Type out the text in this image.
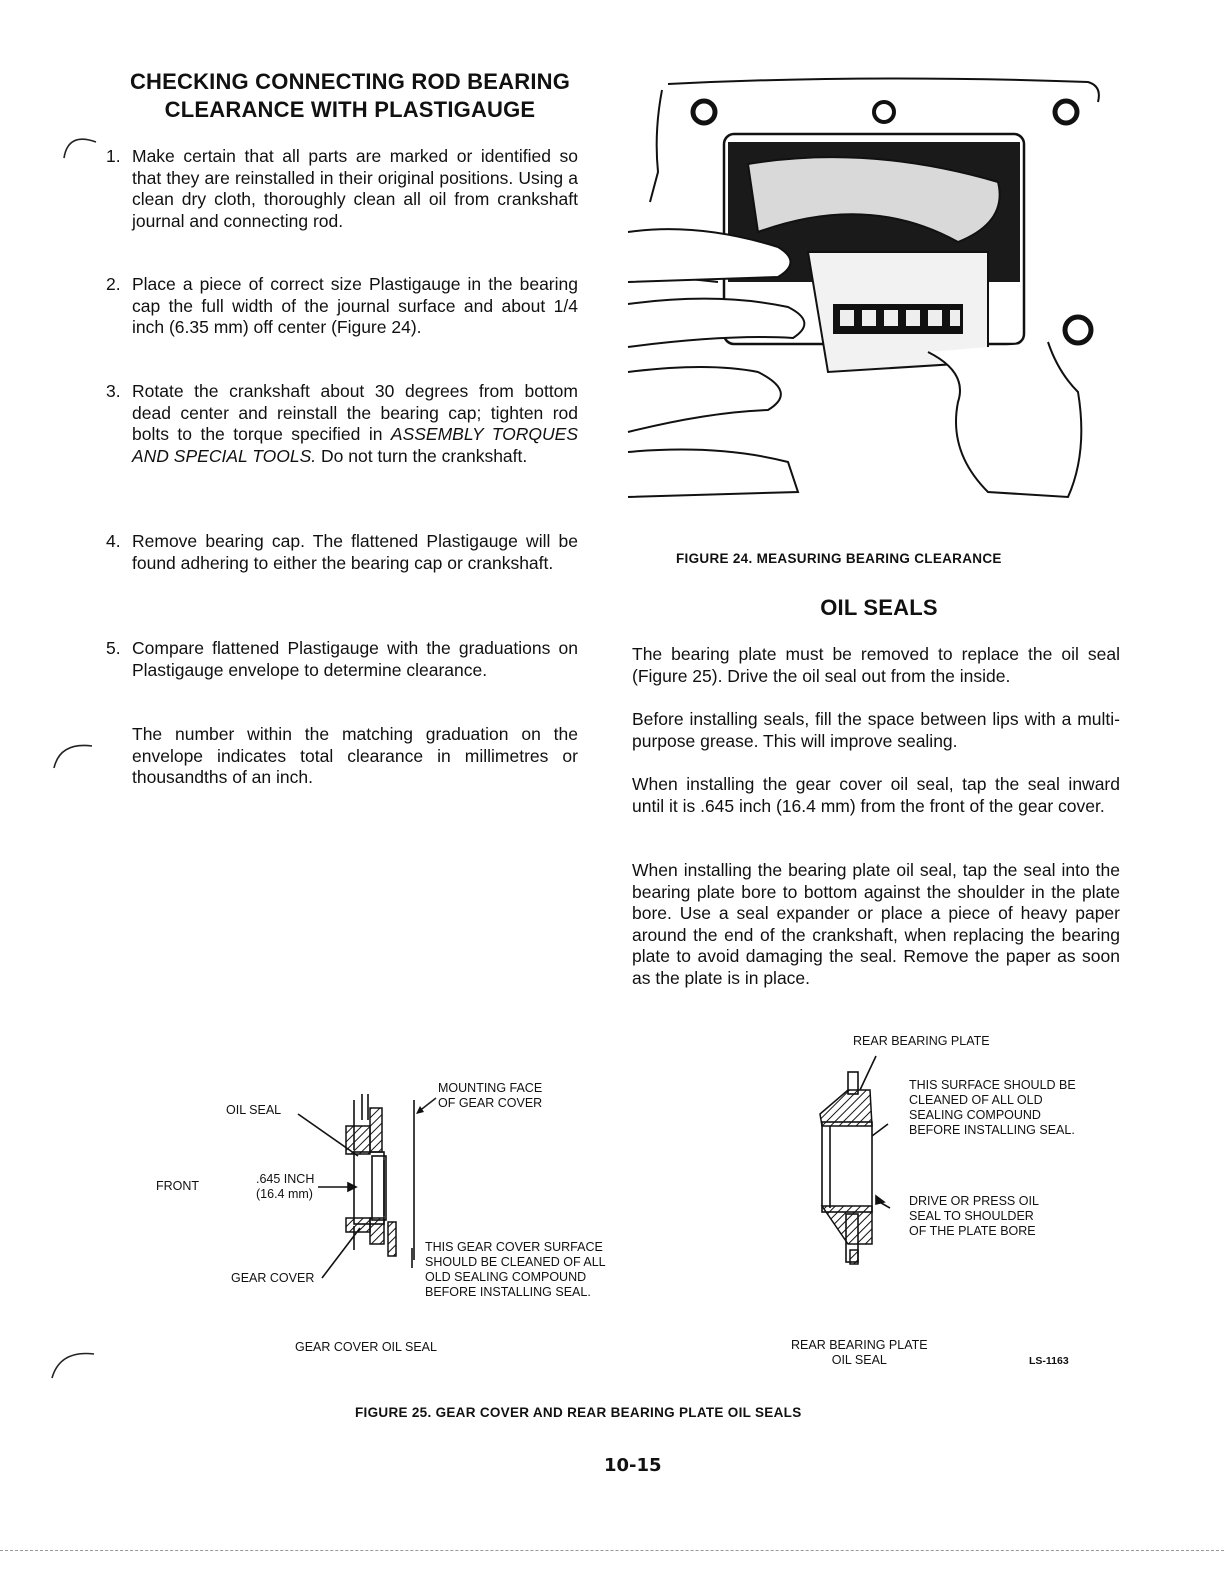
CHECKING CONNECTING ROD BEARING
CLEARANCE WITH PLASTIGAUGE
1. Make certain that all parts are marked or identified so that they are reinstalled in their original positions. Using a clean dry cloth, thoroughly clean all oil from crankshaft journal and connecting rod.
2. Place a piece of correct size Plastigauge in the bearing cap the full width of the journal surface and about 1/4 inch (6.35 mm) off center (Figure 24).
3. Rotate the crankshaft about 30 degrees from bottom dead center and reinstall the bearing cap; tighten rod bolts to the torque specified in ASSEMBLY TORQUES AND SPECIAL TOOLS. Do not turn the crankshaft.
4. Remove bearing cap. The flattened Plastigauge will be found adhering to either the bearing cap or crankshaft.
5. Compare flattened Plastigauge with the graduations on Plastigauge envelope to determine clearance.
The number within the matching graduation on the envelope indicates total clearance in millimetres or thousandths of an inch.
FIGURE 24. MEASURING BEARING CLEARANCE
OIL SEALS
The bearing plate must be removed to replace the oil seal (Figure 25). Drive the oil seal out from the inside.
Before installing seals, fill the space between lips with a multi-purpose grease. This will improve sealing.
When installing the gear cover oil seal, tap the seal inward until it is .645 inch (16.4 mm) from the front of the gear cover.
When installing the bearing plate oil seal, tap the seal into the bearing plate bore to bottom against the shoulder in the plate bore. Use a seal expander or place a piece of heavy paper around the end of the crankshaft, when replacing the bearing plate to avoid damaging the seal. Remove the paper as soon as the plate is in place.
MOUNTING FACE
OF GEAR COVER
OIL SEAL
FRONT	.645 INCH
(16.4 mm)
GEAR COVER
THIS GEAR COVER SURFACE
SHOULD BE CLEANED OF ALL
OLD SEALING COMPOUND
BEFORE INSTALLING SEAL.
GEAR COVER OIL SEAL
REAR BEARING PLATE
THIS SURFACE SHOULD BE
CLEANED OF ALL OLD
SEALING COMPOUND
BEFORE INSTALLING SEAL.
DRIVE OR PRESS OIL
SEAL TO SHOULDER
OF THE PLATE BORE
REAR BEARING PLATE
OIL SEAL	LS-1163
FIGURE 25. GEAR COVER AND REAR BEARING PLATE OIL SEALS
10-15
